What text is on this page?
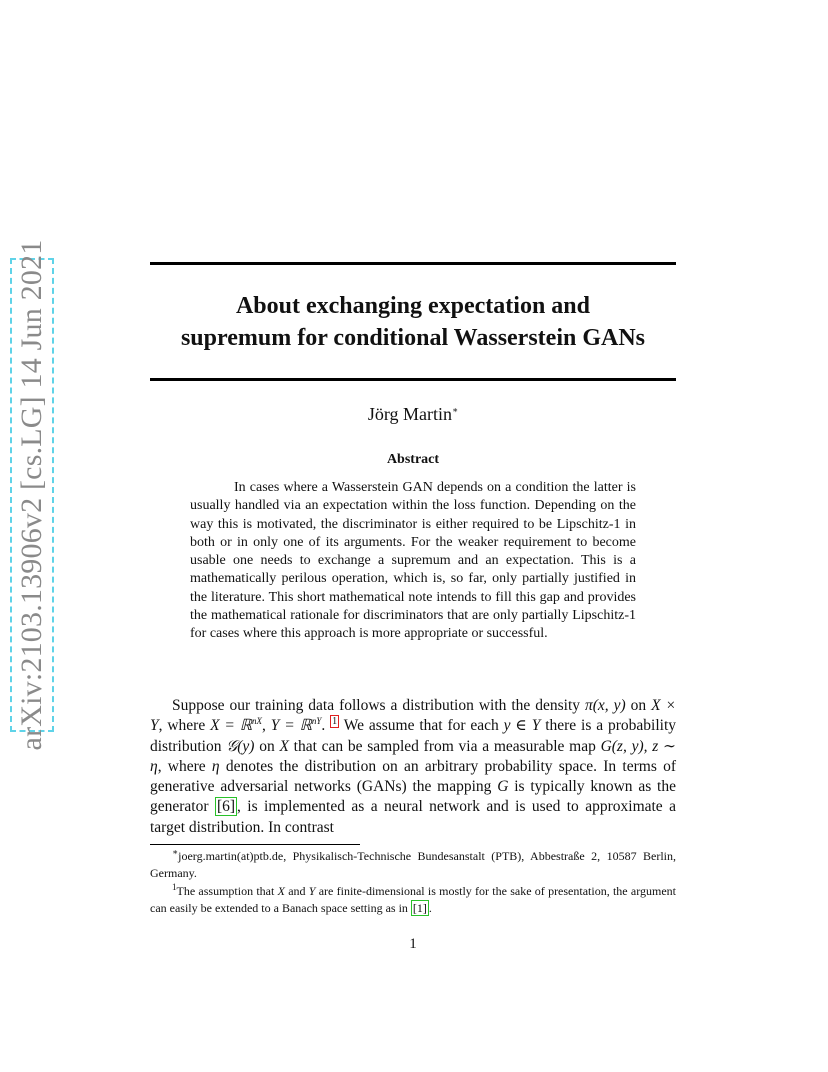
arXiv:2103.13906v2 [cs.LG] 14 Jun 2021	About exchanging expectation and
supremum for conditional Wasserstein GANs
Jörg Martin∗
Abstract

In cases where a Wasserstein GAN depends on a condition the latter is usually handled via an expectation within the loss function. Depending on the way this is motivated, the discriminator is either required to be Lipschitz-1 in both or in only one of its arguments. For the weaker requirement to become usable one needs to exchange a supremum and an expectation. This is a mathematically perilous operation, which is, so far, only partially justified in the literature. This short mathematical note intends to fill this gap and provides the mathematical rationale for discriminators that are only partially Lipschitz-1 for cases where this approach is more appropriate or successful.

Suppose our training data follows a distribution with the density π(x, y) on X × Y, where X = ℝ$^{nX}$, Y = ℝ$^{nY}$. $^1$ We assume that for each y ∈ Y there is a probability distribution 𝒢(y) on X that can be sampled from via a measurable map G(z, y), z ∼ η, where η denotes the distribution on an arbitrary probability space. In terms of generative adversarial networks (GANs) the mapping G is typically known as the generator [6] , is implemented as a neural network and is used to approximate a target distribution. In contrast

∗joerg.martin(at)ptb.de, Physikalisch-Technische Bundesanstalt (PTB), Abbestraße 2, 10587 Berlin, Germany.

$^1$The assumption that X and Y are finite-dimensional is mostly for the sake of presentation, the argument can easily be extended to a Banach space setting as in [1] .

1
